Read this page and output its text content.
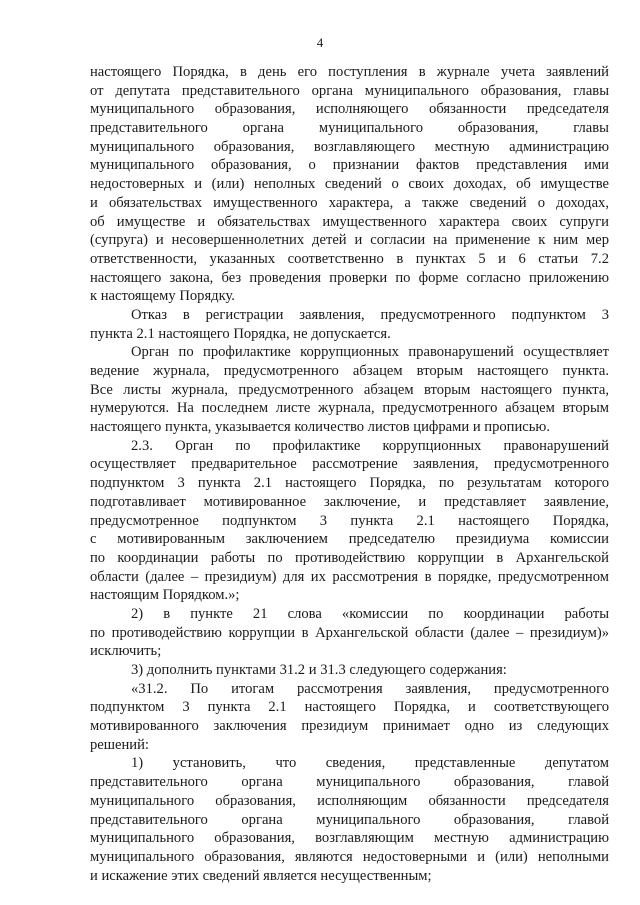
4
настоящего Порядка, в день его поступления в журнале учета заявлений
от депутата представительного органа муниципального образования, главы
муниципального образования, исполняющего обязанности председателя
представительного органа муниципального образования, главы
муниципального образования, возглавляющего местную администрацию
муниципального образования, о признании фактов представления ими
недостоверных и (или) неполных сведений о своих доходах, об имуществе
и обязательствах имущественного характера, а также сведений о доходах,
об имуществе и обязательствах имущественного характера своих супруги
(супруга) и несовершеннолетних детей и согласии на применение к ним мер
ответственности, указанных соответственно в пунктах 5 и 6 статьи 7.2
настоящего закона, без проведения проверки по форме согласно приложению
к настоящему Порядку.
Отказ в регистрации заявления, предусмотренного подпунктом 3
пункта 2.1 настоящего Порядка, не допускается.
Орган по профилактике коррупционных правонарушений осуществляет
ведение журнала, предусмотренного абзацем вторым настоящего пункта.
Все листы журнала, предусмотренного абзацем вторым настоящего пункта,
нумеруются. На последнем листе журнала, предусмотренного абзацем вторым
настоящего пункта, указывается количество листов цифрами и прописью.
2.3. Орган по профилактике коррупционных правонарушений
осуществляет предварительное рассмотрение заявления, предусмотренного
подпунктом 3 пункта 2.1 настоящего Порядка, по результатам которого
подготавливает мотивированное заключение, и представляет заявление,
предусмотренное подпунктом 3 пункта 2.1 настоящего Порядка,
с мотивированным заключением председателю президиума комиссии
по координации работы по противодействию коррупции в Архангельской
области (далее – президиум) для их рассмотрения в порядке, предусмотренном
настоящим Порядком.»;
2) в пункте 21 слова «комиссии по координации работы
по противодействию коррупции в Архангельской области (далее – президиум)»
исключить;
3) дополнить пунктами 31.2 и 31.3 следующего содержания:
«31.2. По итогам рассмотрения заявления, предусмотренного
подпунктом 3 пункта 2.1 настоящего Порядка, и соответствующего
мотивированного заключения президиум принимает одно из следующих
решений:
1) установить, что сведения, представленные депутатом
представительного органа муниципального образования, главой
муниципального образования, исполняющим обязанности председателя
представительного органа муниципального образования, главой
муниципального образования, возглавляющим местную администрацию
муниципального образования, являются недостоверными и (или) неполными
и искажение этих сведений является несущественным;
